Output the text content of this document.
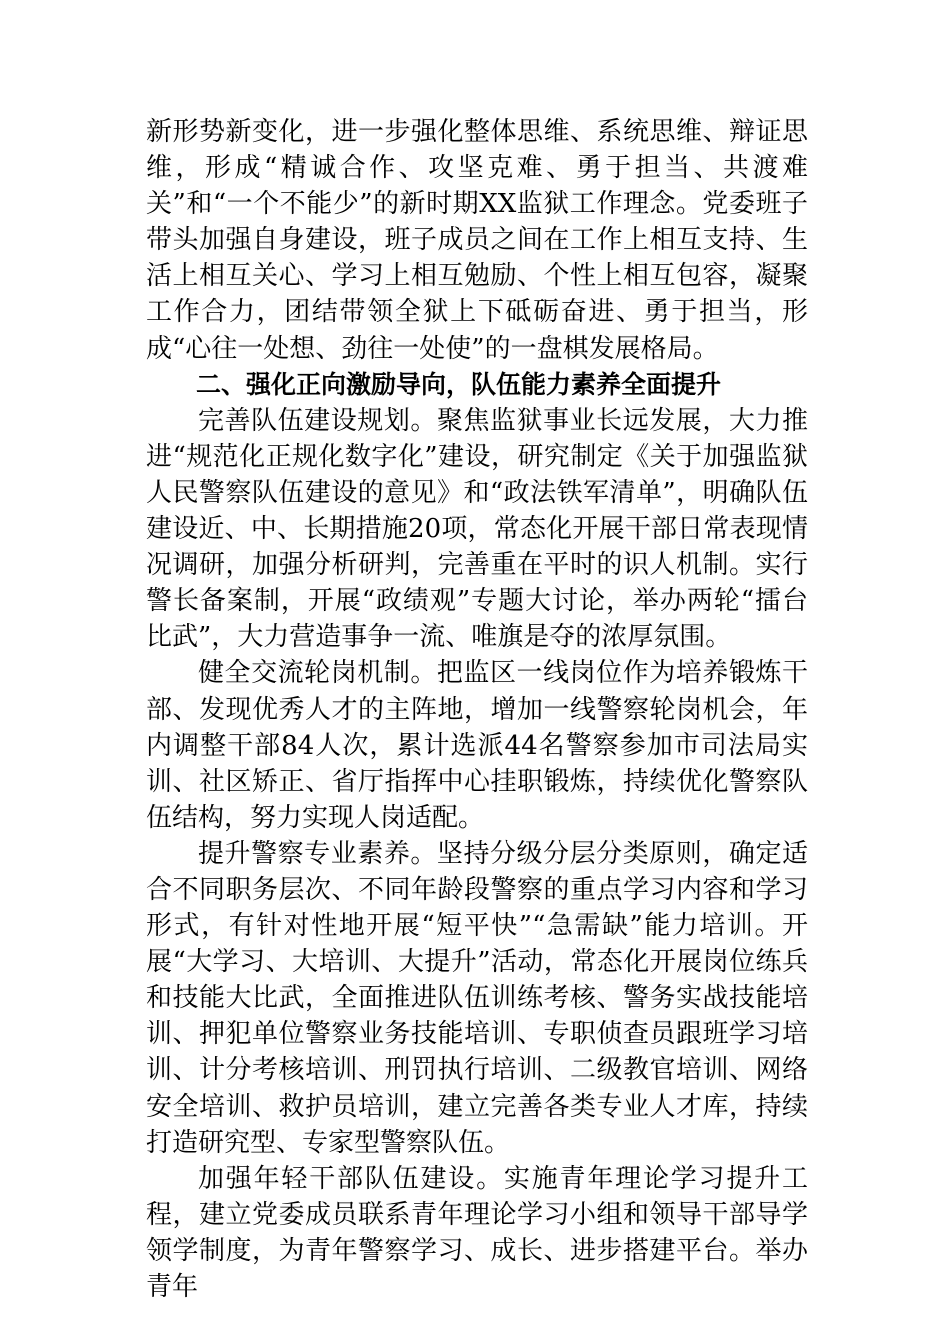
新形势新变化，进一步强化整体思维、系统思维、辩证思维，形成“精诚合作、攻坚克难、勇于担当、共渡难关”和“一个不能少”的新时期XX监狱工作理念。党委班子带头加强自身建设，班子成员之间在工作上相互支持、生活上相互关心、学习上相互勉励、个性上相互包容，凝聚工作合力，团结带领全狱上下砥砺奋进、勇于担当，形成“心往一处想、劲往一处使”的一盘棋发展格局。

二、强化正向激励导向，队伍能力素养全面提升

完善队伍建设规划。聚焦监狱事业长远发展，大力推进“规范化正规化数字化”建设，研究制定《关于加强监狱人民警察队伍建设的意见》和“政法铁军清单”，明确队伍建设近、中、长期措施20项，常态化开展干部日常表现情况调研，加强分析研判，完善重在平时的识人机制。实行警长备案制，开展“政绩观”专题大讨论，举办两轮“擂台比武”，大力营造事争一流、唯旗是夺的浓厚氛围。

健全交流轮岗机制。把监区一线岗位作为培养锻炼干部、发现优秀人才的主阵地，增加一线警察轮岗机会，年内调整干部84人次，累计选派44名警察参加市司法局实训、社区矫正、省厅指挥中心挂职锻炼，持续优化警察队伍结构，努力实现人岗适配。

提升警察专业素养。坚持分级分层分类原则，确定适合不同职务层次、不同年龄段警察的重点学习内容和学习形式，有针对性地开展“短平快”“急需缺”能力培训。开展“大学习、大培训、大提升”活动，常态化开展岗位练兵和技能大比武，全面推进队伍训练考核、警务实战技能培训、押犯单位警察业务技能培训、专职侦查员跟班学习培训、计分考核培训、刑罚执行培训、二级教官培训、网络安全培训、救护员培训，建立完善各类专业人才库，持续打造研究型、专家型警察队伍。

加强年轻干部队伍建设。实施青年理论学习提升工程，建立党委成员联系青年理论学习小组和领导干部导学领学制度，为青年警察学习、成长、进步搭建平台。举办青年
